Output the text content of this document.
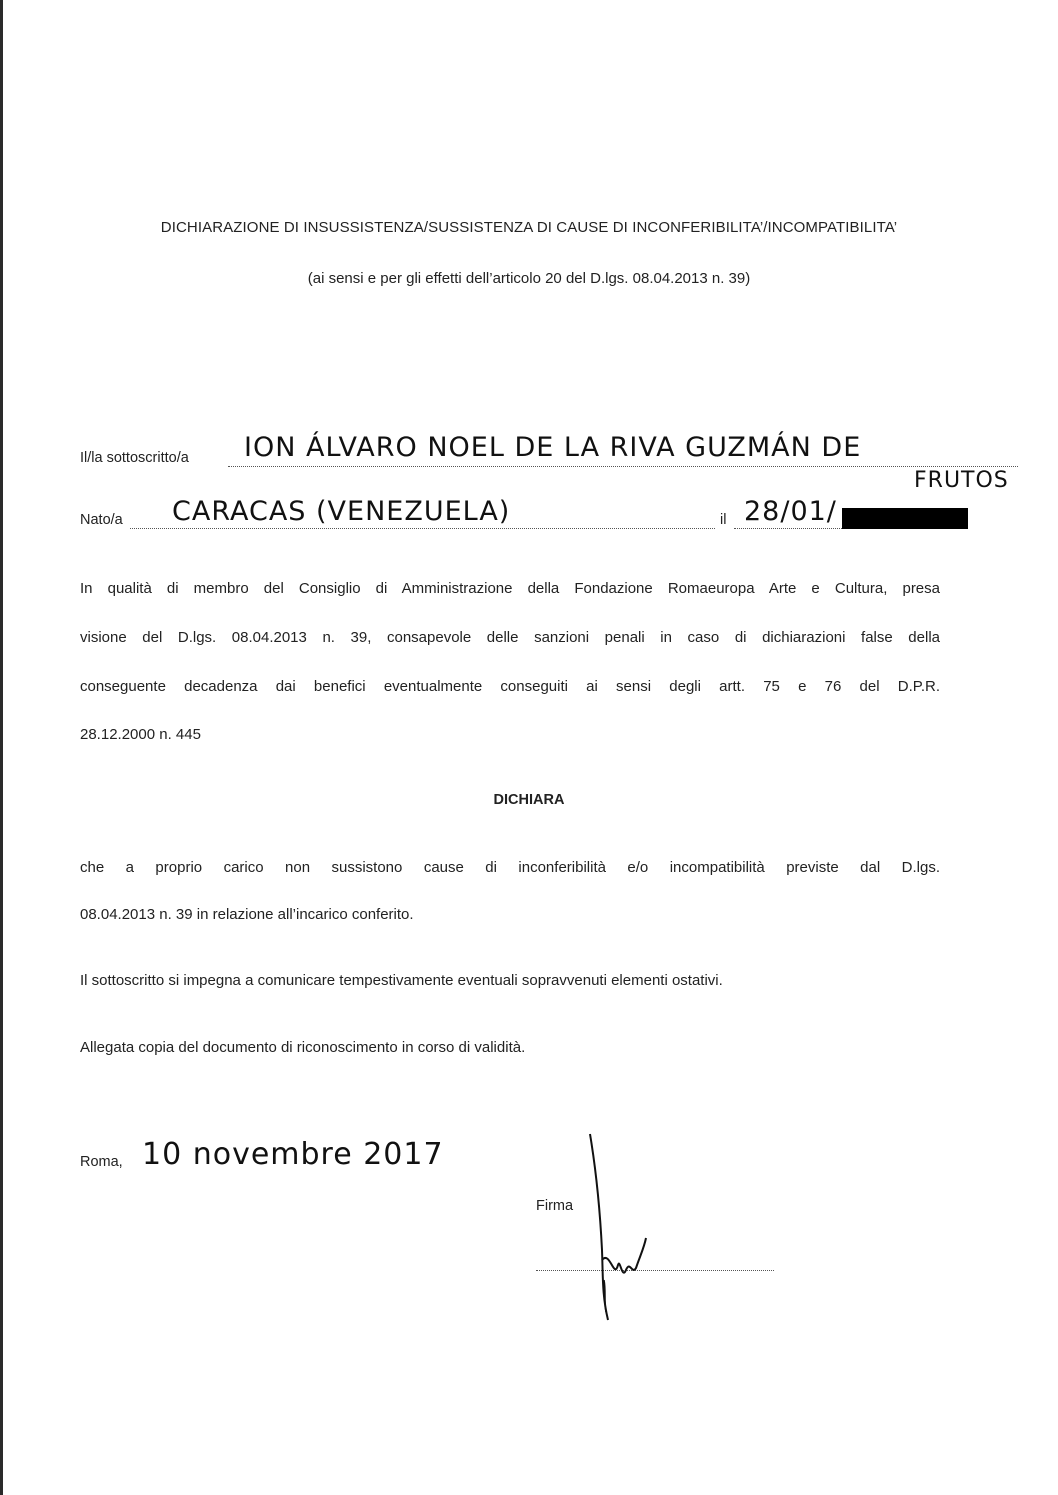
DICHIARAZIONE DI INSUSSISTENZA/SUSSISTENZA DI CAUSE DI INCONFERIBILITA’/INCOMPATIBILITA’
(ai sensi e per gli effetti dell’articolo 20 del D.lgs. 08.04.2013 n. 39)
Il/la sottoscritto/a ION ÁLVARO NOEL DE LA RIVA GUZMÁN DE
FRUTOS
Nato/a CARACAS (VENEZUELA)	il 28/01/
In qualità di membro del Consiglio di Amministrazione della Fondazione Romaeuropa Arte e Cultura, presa
visione del D.lgs. 08.04.2013 n. 39, consapevole delle sanzioni penali in caso di dichiarazioni false della
conseguente decadenza dai benefici eventualmente conseguiti ai sensi degli artt. 75 e 76 del D.P.R.
28.12.2000 n. 445
DICHIARA
che a proprio carico non sussistono cause di inconferibilità e/o incompatibilità previste dal D.lgs.
08.04.2013 n. 39 in relazione all’incarico conferito.
Il sottoscritto si impegna a comunicare tempestivamente eventuali sopravvenuti elementi ostativi.
Allegata copia del documento di riconoscimento in corso di validità.
Roma, 10 novembre 2017
Firma
